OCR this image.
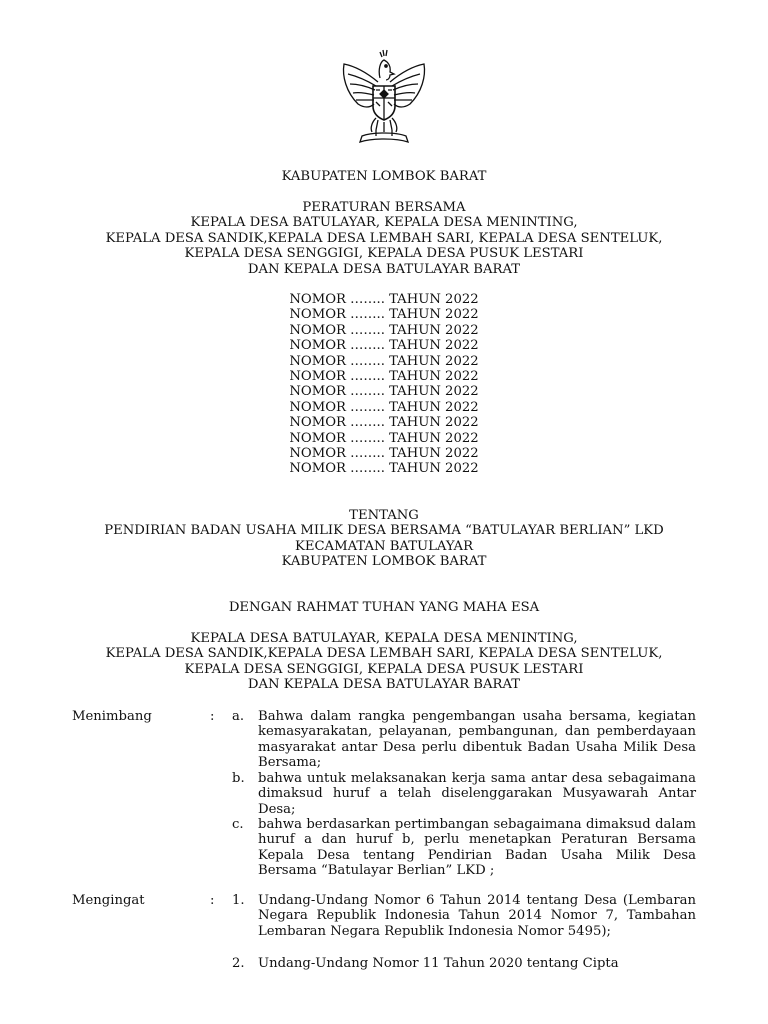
KABUPATEN LOMBOK BARAT
PERATURAN BERSAMA
KEPALA DESA BATULAYAR, KEPALA DESA MENINTING,
KEPALA DESA SANDIK,KEPALA DESA LEMBAH SARI, KEPALA DESA SENTELUK,
KEPALA DESA SENGGIGI, KEPALA DESA PUSUK LESTARI
DAN KEPALA DESA BATULAYAR BARAT
NOMOR …….. TAHUN 2022
NOMOR …….. TAHUN 2022
NOMOR …….. TAHUN 2022
NOMOR …….. TAHUN 2022
NOMOR …….. TAHUN 2022
NOMOR …….. TAHUN 2022
NOMOR …….. TAHUN 2022
NOMOR …….. TAHUN 2022
NOMOR …….. TAHUN 2022
NOMOR …….. TAHUN 2022
NOMOR …….. TAHUN 2022
NOMOR …….. TAHUN 2022
TENTANG
PENDIRIAN BADAN USAHA MILIK DESA BERSAMA “BATULAYAR BERLIAN” LKD
KECAMATAN BATULAYAR
KABUPATEN LOMBOK BARAT
DENGAN RAHMAT TUHAN YANG MAHA ESA
KEPALA DESA BATULAYAR, KEPALA DESA MENINTING,
KEPALA DESA SANDIK,KEPALA DESA LEMBAH SARI, KEPALA DESA SENTELUK,
KEPALA DESA SENGGIGI, KEPALA DESA PUSUK LESTARI
DAN KEPALA DESA BATULAYAR BARAT
Menimbang	: a. Bahwa dalam rangka pengembangan usaha bersama, kegiatan kemasyarakatan, pelayanan, pembangunan, dan pemberdayaan masyarakat antar Desa perlu dibentuk Badan Usaha Milik Desa Bersama;
b. bahwa untuk melaksanakan kerja sama antar desa sebagaimana dimaksud huruf a telah diselenggarakan Musyawarah Antar Desa;
c. bahwa berdasarkan pertimbangan sebagaimana dimaksud dalam huruf a dan huruf b, perlu menetapkan Peraturan Bersama Kepala Desa tentang Pendirian Badan Usaha Milik Desa Bersama “Batulayar Berlian” LKD ;
Mengingat	: 1. Undang-Undang Nomor 6 Tahun 2014 tentang Desa (Lembaran Negara Republik Indonesia Tahun 2014 Nomor 7, Tambahan Lembaran Negara Republik Indonesia Nomor 5495);
2. Undang-Undang Nomor 11 Tahun 2020 tentang Cipta
